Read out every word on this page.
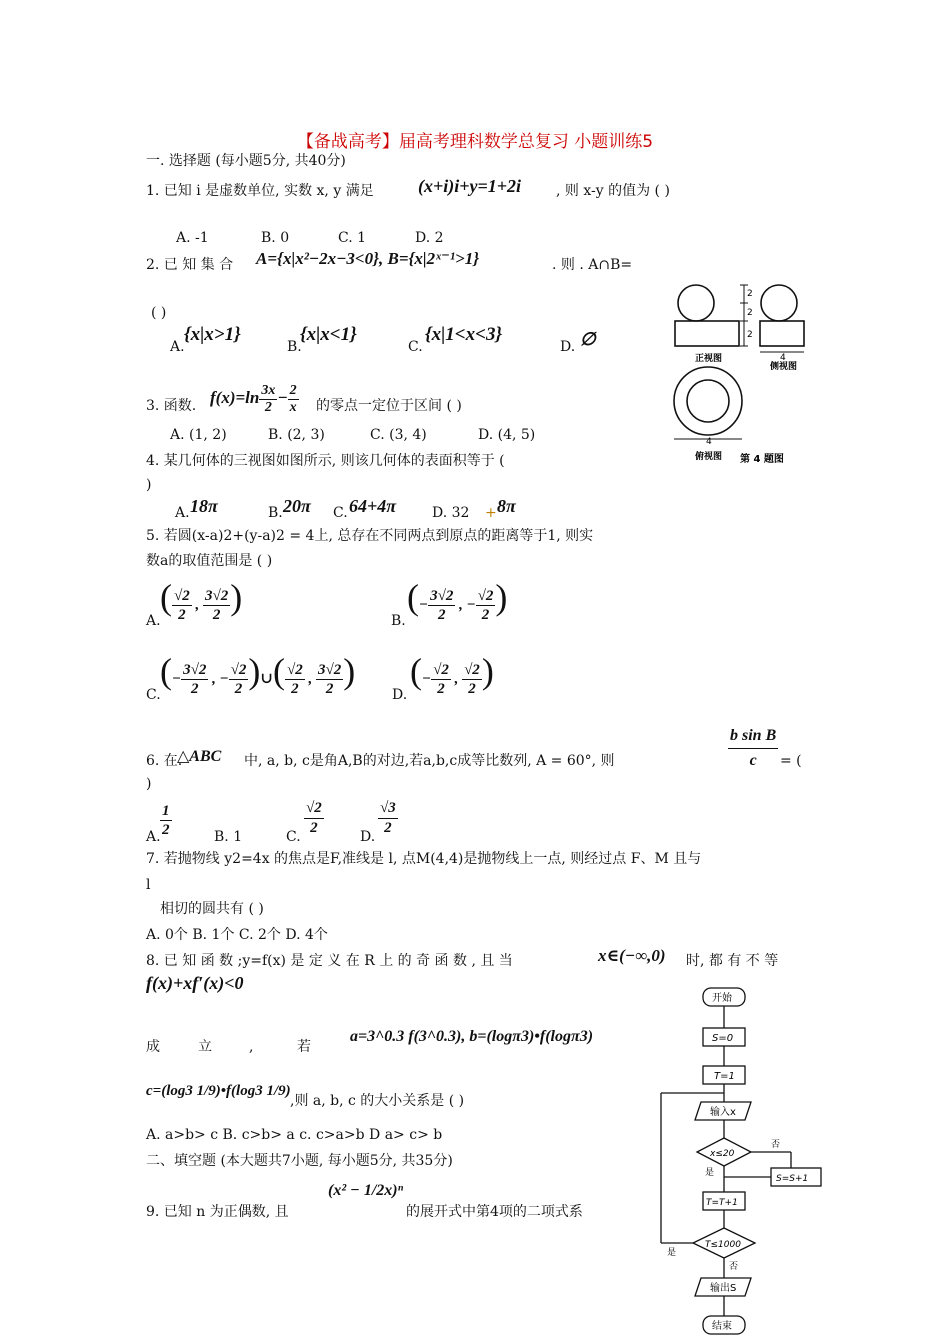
【备战高考】届高考理科数学总复习 小题训练5
一. 选择题 (每小题5分, 共40分)
1. 已知 i 是虚数单位, 实数 x, y 满足 (x+i)i+y=1+2i , 则 x-y 的值为 ( )
A. -1	B. 0	C. 1	D. 2
2. 已 知 集 合 A={x|x²−2x−3<0}, B={x|2ˣ⁻¹>1}	. 则 . A∩B=
( )
A.
{x|x>1}
B.
{x|x<1}
C.
{x|1<x<3}
D. ∅
3. 函数. $f(x)=\ln \frac{3x}{2} - \frac{2}{x}$ 的零点一定位于区间 ( )
A. (1, 2)	B. (2, 3)	C. (3, 4)	D. (4, 5)
4. 某几何体的三视图如图所示, 则该几何体的表面积等于 (
)
A. 18π	B. 20π C. 64+4π	D. 32 + 8π
5. 若圆(x-a)2+(y-a)2 = 4上, 总存在不同两点到原点的距离等于1, 则实
数a的取值范围是 ( )
A.
( $\frac{√2}{2}$ , $\frac{3√2}{2}$ )
B.
(− $\frac{3√2}{2}$ , − $\frac{√2}{2}$ )
C.
(− $\frac{3√2}{2}$ , − $\frac{√2}{2}$ )∪( $\frac{√2}{2}$ , $\frac{3√2}{2}$ )
D.
(− $\frac{√2}{2}$ , $\frac{√2}{2}$ )
6. 在.
△ABC 中, a, b, c是角A,B的对边,若a,b,c成等比数列, A = 60°, 则	$\frac{\text{b sin B}}{c}$ = (
)
A. $\frac{1}{2}$	B. 1	C. $\frac{√2}{2}$	D. $\frac{√3}{2}$
7. 若抛物线 y2=4x 的焦点是F,准线是 l, 点M(4,4)是抛物线上一点, 则经过点 F、M 且与
l
相切的圆共有 ( )
A. 0个 B. 1个 C. 2个 D. 4个
8. 已 知 函 数 ;y=f(x) 是 定 义 在 R 上 的 奇 函 数 , 且 当	x∈(−∞,0) 时, 都 有 不 等
f(x)+xf′(x)<0
成	立	,	若
a=3^0.3 f(3^0.3), b=(logπ3)•f(logπ3)
c=(log3 1/9)•f(log3 1/9)
,则 a, b, c 的大小关系是 ( )
A. a>b> c B. c>b> a c. c>a>b D a> c> b
二、填空题 (本大题共7小题, 每小题5分, 共35分)
9. 已知 n 为正偶数, 且
(x² − 1/2x)ⁿ
的展开式中第4项的二项式系
2
2
2
4
4
正视图
侧视图
俯视图 第 4 题图
开始
S=0
T=1
输入x
x≤20
否
是
S=S+1
T=T+1
T≤1000
是
否
输出S
结束
